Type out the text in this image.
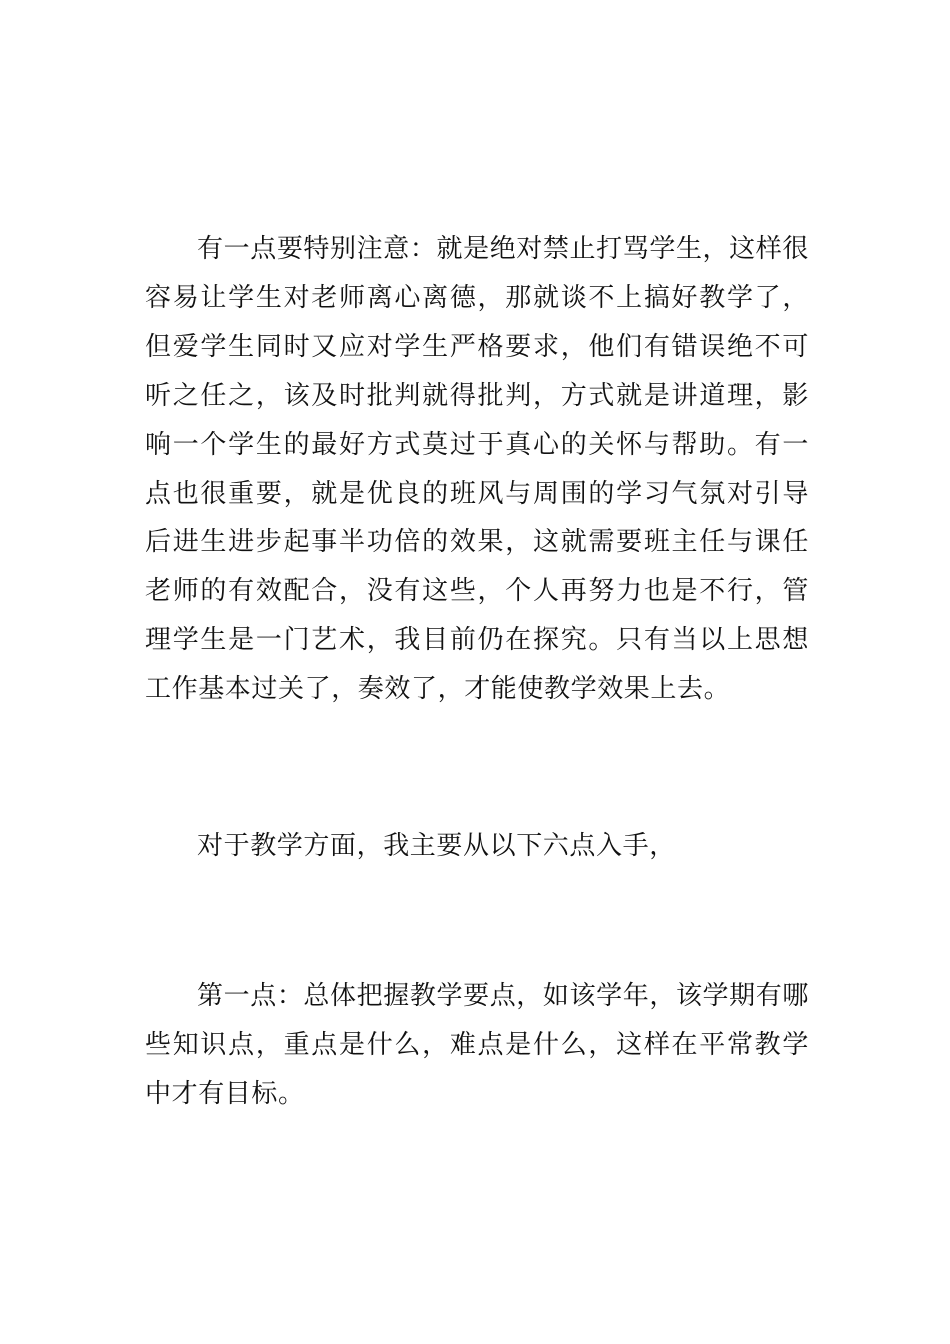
有一点要特别注意：就是绝对禁止打骂学生，这样很容易让学生对老师离心离德，那就谈不上搞好教学了，但爱学生同时又应对学生严格要求，他们有错误绝不可听之任之，该及时批判就得批判，方式就是讲道理，影响一个学生的最好方式莫过于真心的关怀与帮助。有一点也很重要，就是优良的班风与周围的学习气氛对引导后进生进步起事半功倍的效果，这就需要班主任与课任老师的有效配合，没有这些，个人再努力也是不行，管理学生是一门艺术，我目前仍在探究。只有当以上思想工作基本过关了，奏效了，才能使教学效果上去。

对于教学方面，我主要从以下六点入手，

第一点：总体把握教学要点，如该学年，该学期有哪些知识点，重点是什么，难点是什么，这样在平常教学中才有目标。
